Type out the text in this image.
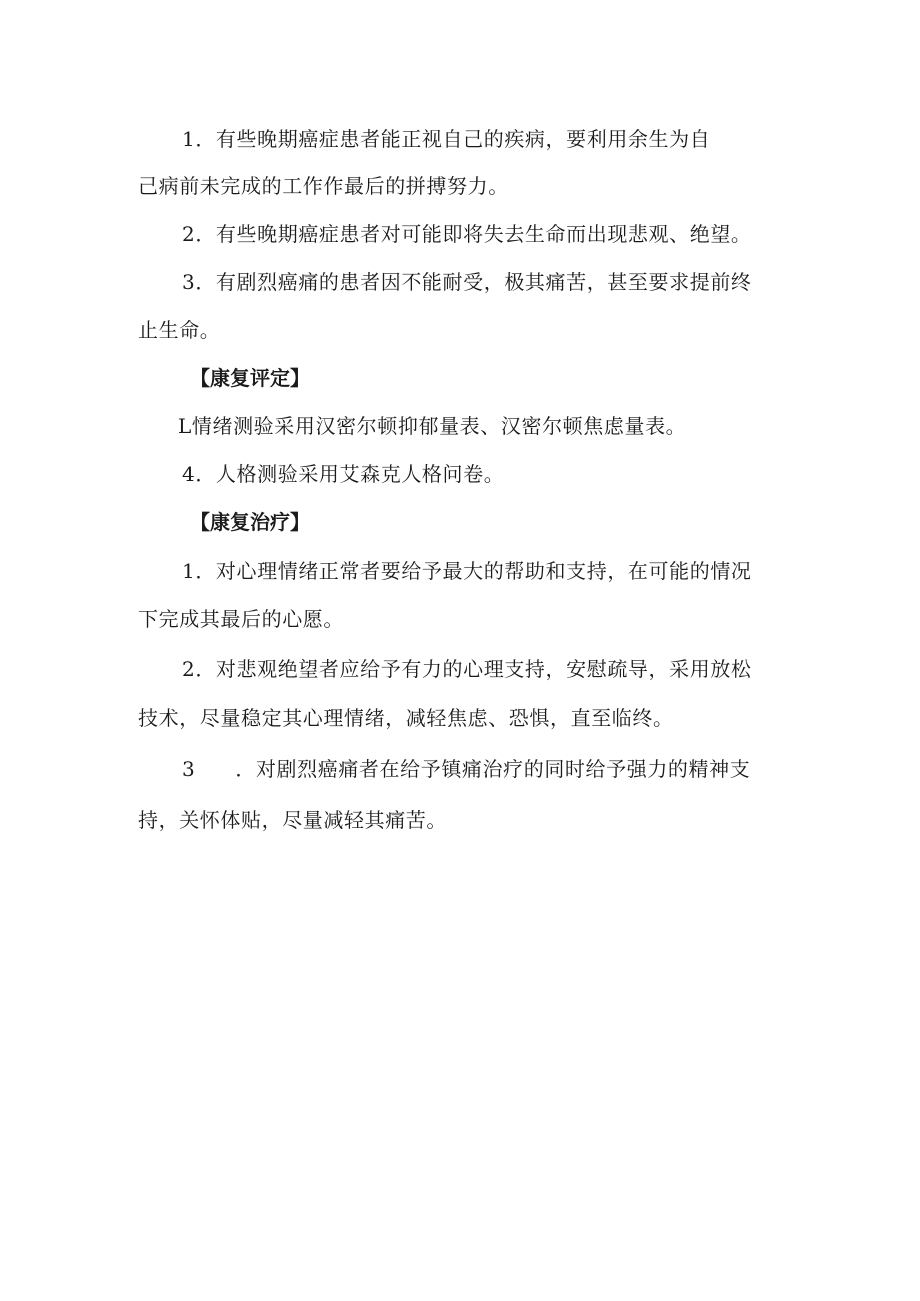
1．有些晚期癌症患者能正视自己的疾病，要利用余生为自
己病前未完成的工作作最后的拼搏努力。
2．有些晚期癌症患者对可能即将失去生命而出现悲观、绝望。
3．有剧烈癌痛的患者因不能耐受，极其痛苦，甚至要求提前终
止生命。
【康复评定】
L情绪测验采用汉密尔顿抑郁量表、汉密尔顿焦虑量表。
4．人格测验采用艾森克人格问卷。
【康复治疗】
1．对心理情绪正常者要给予最大的帮助和支持，在可能的情况
下完成其最后的心愿。
2．对悲观绝望者应给予有力的心理支持，安慰疏导，采用放松
技术，尽量稳定其心理情绪，减轻焦虑、恐惧，直至临终。
3 ．对剧烈癌痛者在给予镇痛治疗的同时给予强力的精神支
持，关怀体贴，尽量减轻其痛苦。
